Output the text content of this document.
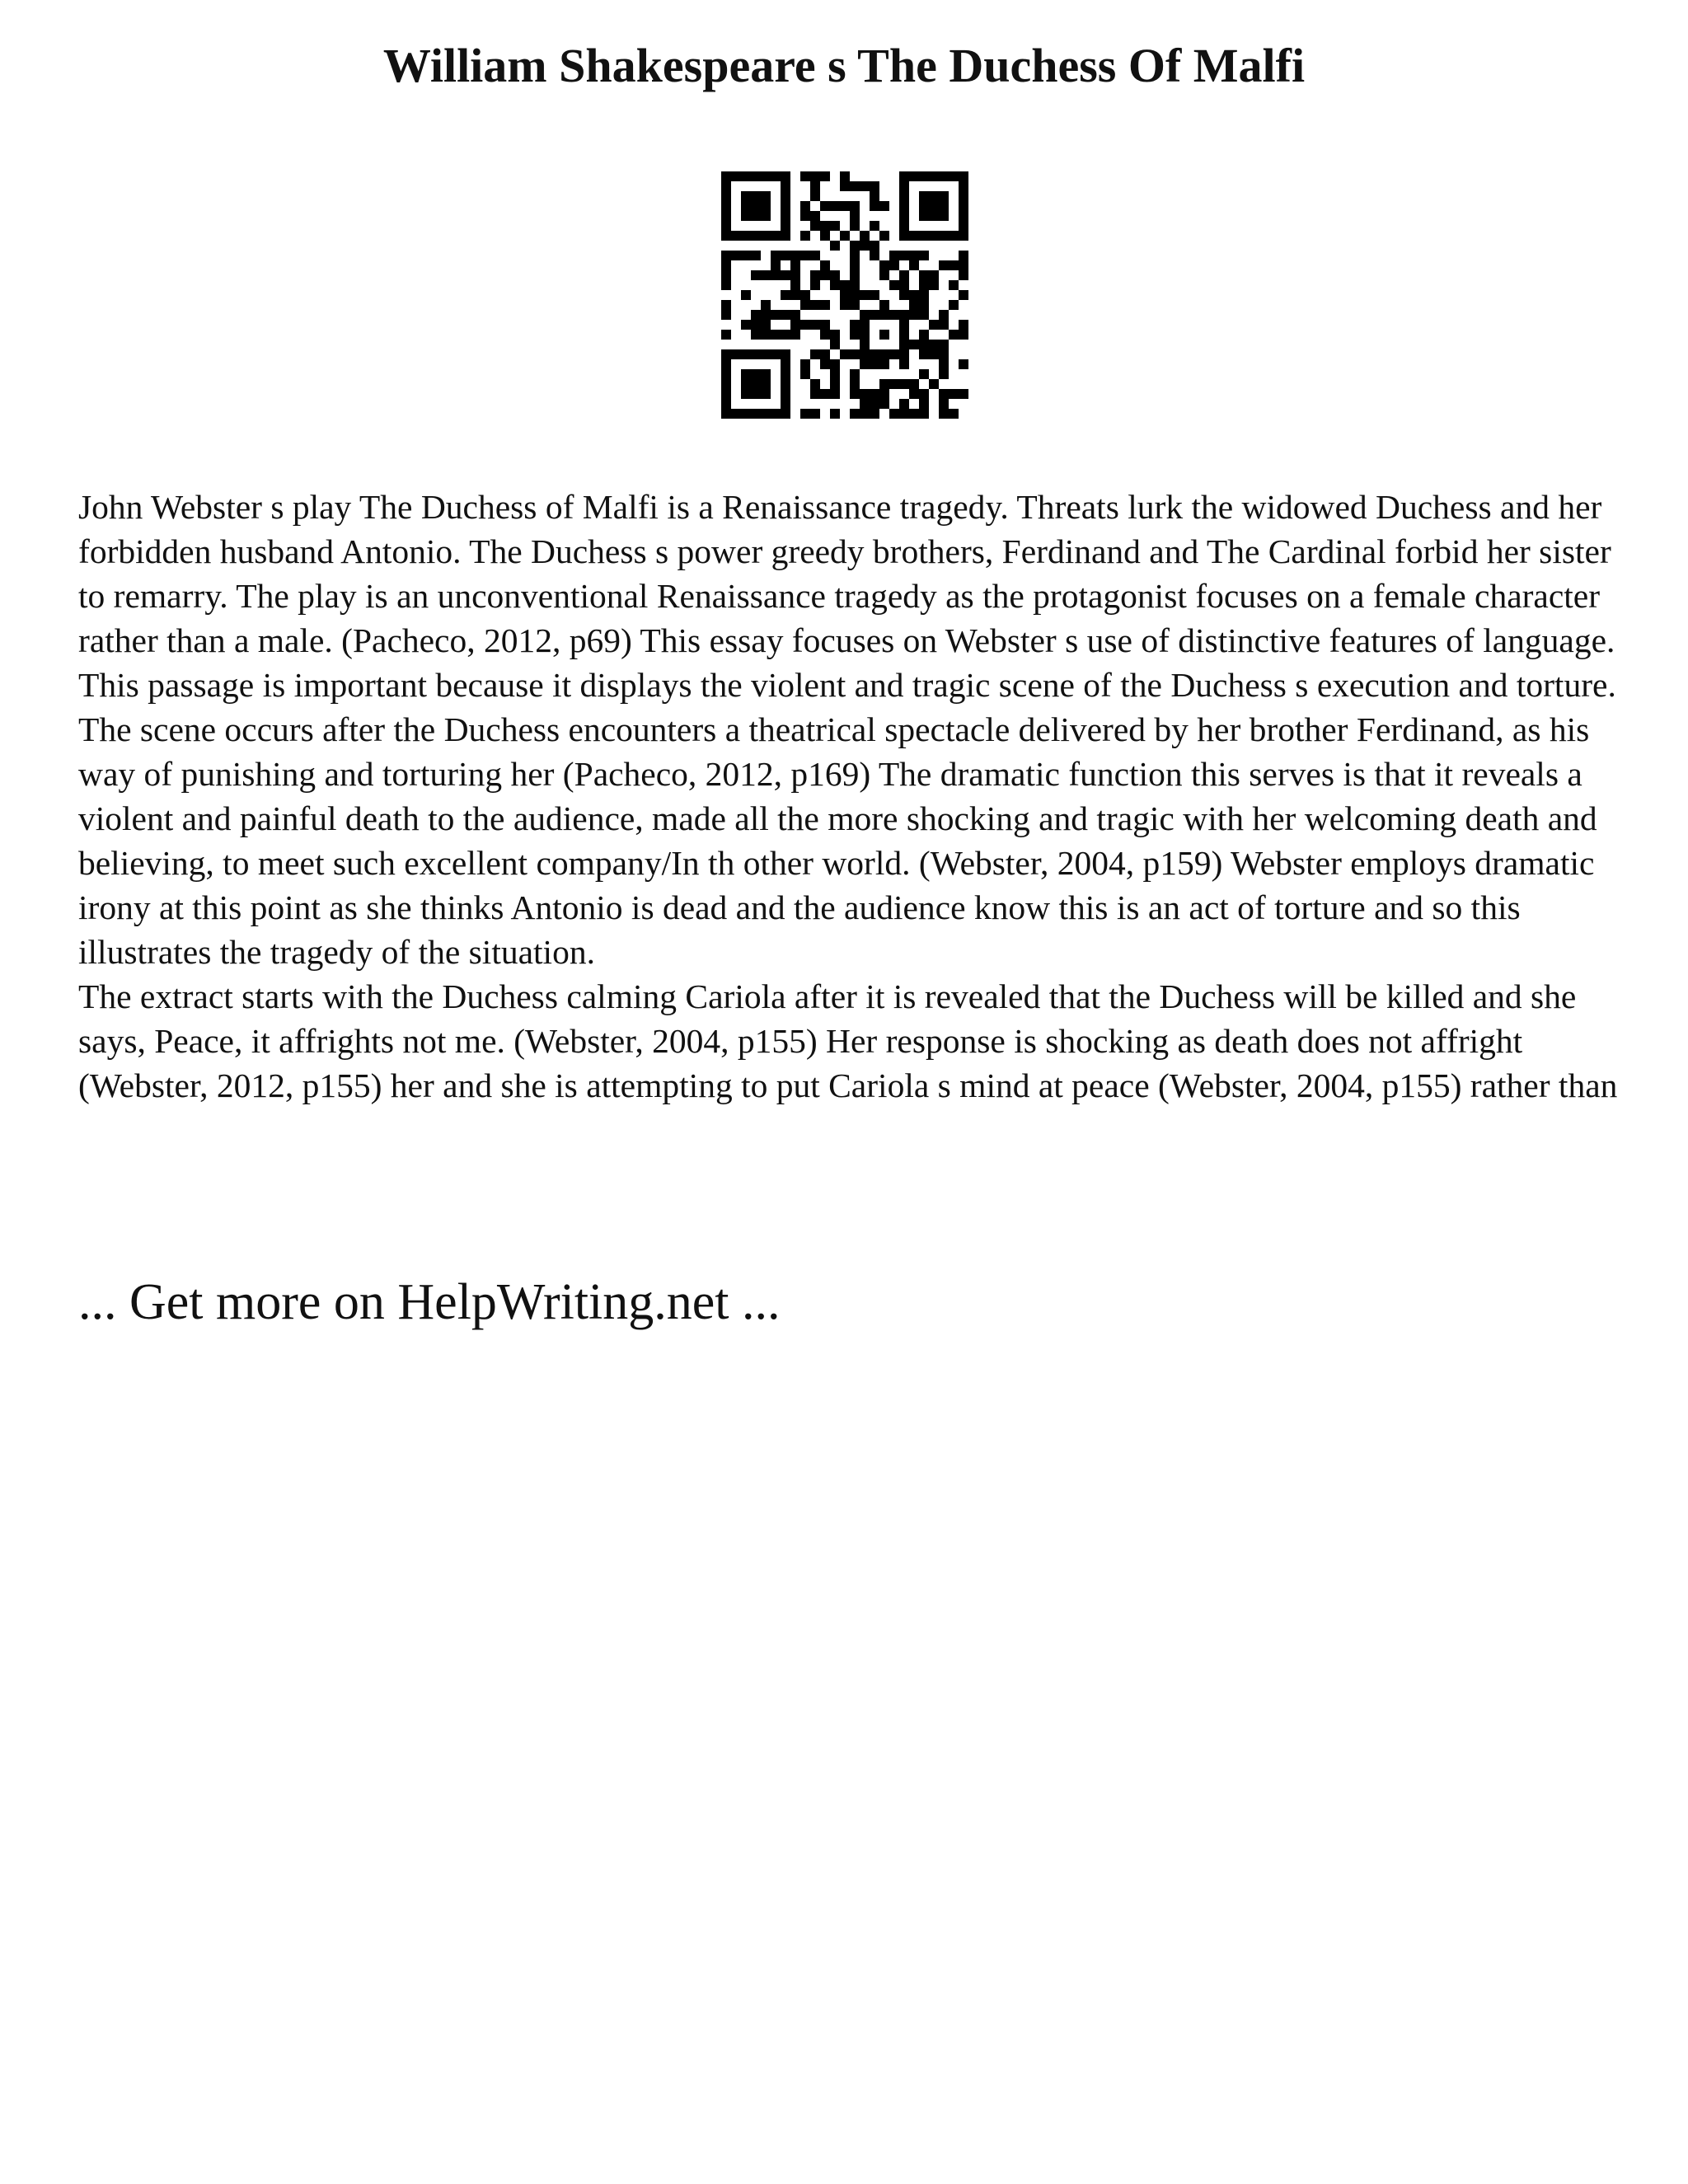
William Shakespeare s The Duchess Of Malfi

John Webster s play The Duchess of Malfi is a Renaissance tragedy. Threats lurk the widowed Duchess and her forbidden husband Antonio. The Duchess s power greedy brothers, Ferdinand and The Cardinal forbid her sister to remarry. The play is an unconventional Renaissance tragedy as the protagonist focuses on a female character rather than a male. (Pacheco, 2012, p69) This essay focuses on Webster s use of distinctive features of language.

This passage is important because it displays the violent and tragic scene of the Duchess s execution and torture. The scene occurs after the Duchess encounters a theatrical spectacle delivered by her brother Ferdinand, as his way of punishing and torturing her (Pacheco, 2012, p169) The dramatic function this serves is that it reveals a violent and painful death to the audience, made all the more shocking and tragic with her welcoming death and believing, to meet such excellent company/In th other world. (Webster, 2004, p159) Webster employs dramatic irony at this point as she thinks Antonio is dead and the audience know this is an act of torture and so this illustrates the tragedy of the situation.

The extract starts with the Duchess calming Cariola after it is revealed that the Duchess will be killed and she says, Peace, it affrights not me. (Webster, 2004, p155) Her response is shocking as death does not affright (Webster, 2012, p155) her and she is attempting to put Cariola s mind at peace (Webster, 2004, p155) rather than

... Get more on HelpWriting.net ...
